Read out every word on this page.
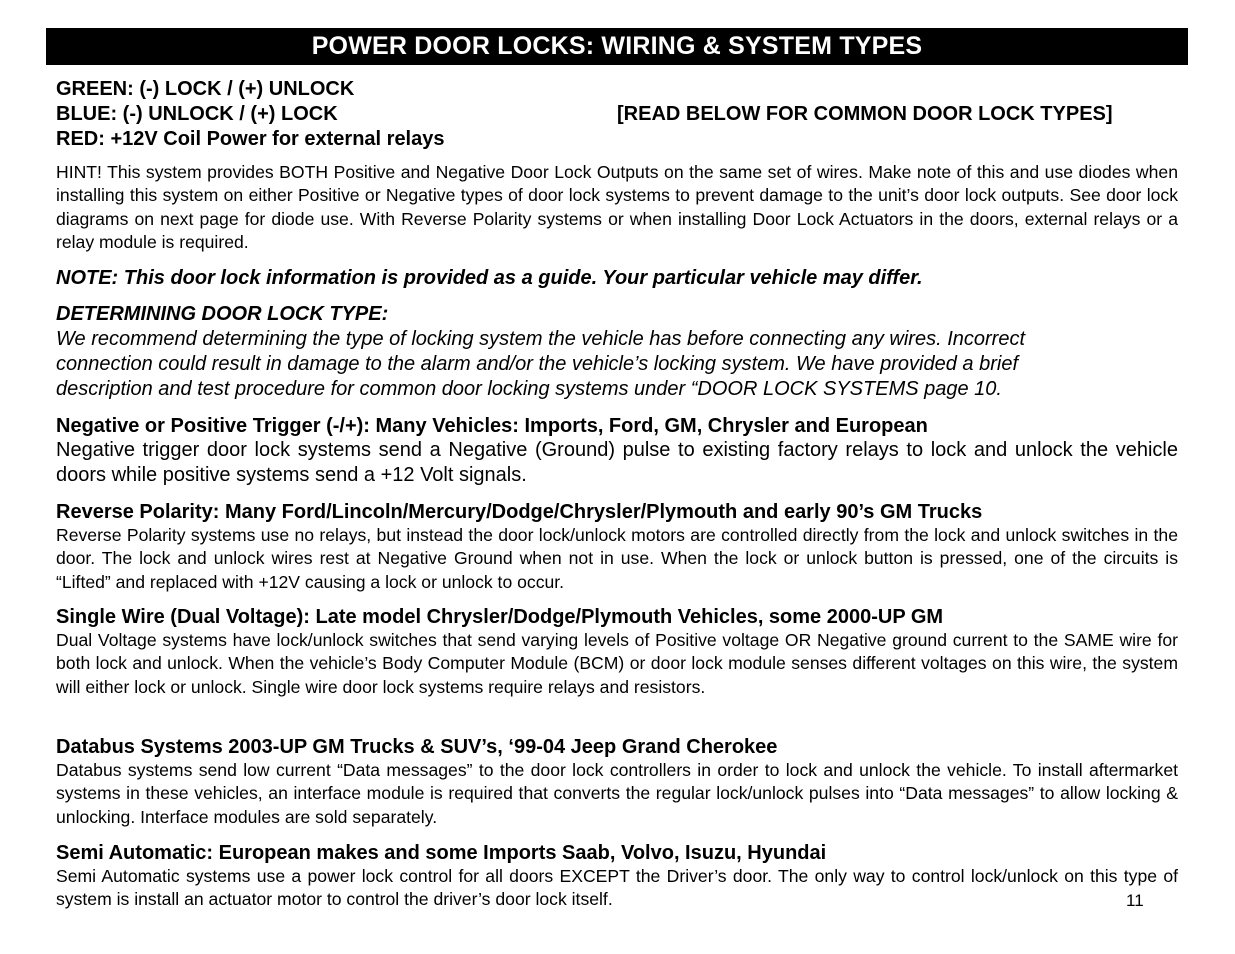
POWER DOOR LOCKS: WIRING & SYSTEM TYPES
GREEN: (-) LOCK / (+) UNLOCK
BLUE: (-) UNLOCK / (+) LOCK
RED: +12V Coil Power for external relays
[READ BELOW FOR COMMON DOOR LOCK TYPES]

HINT! This system provides BOTH Positive and Negative Door Lock Outputs on the same set of wires. Make note of this and use diodes when installing this system on either Positive or Negative types of door lock systems to prevent damage to the unit’s door lock outputs. See door lock diagrams on next page for diode use. With Reverse Polarity systems or when installing Door Lock Actuators in the doors, external relays or a relay module is required.

NOTE: This door lock information is provided as a guide. Your particular vehicle may differ.

DETERMINING DOOR LOCK TYPE:

We recommend determining the type of locking system the vehicle has before connecting any wires. Incorrect

connection could result in damage to the alarm and/or the vehicle’s locking system. We have provided a brief

description and test procedure for common door locking systems under “DOOR LOCK SYSTEMS page 10.

Negative or Positive Trigger (-/+): Many Vehicles: Imports, Ford, GM, Chrysler and European

Negative trigger door lock systems send a Negative (Ground) pulse to existing factory relays to lock and unlock the vehicle doors while positive systems send a +12 Volt signals.

Reverse Polarity: Many Ford/Lincoln/Mercury/Dodge/Chrysler/Plymouth and early 90’s GM Trucks

Reverse Polarity systems use no relays, but instead the door lock/unlock motors are controlled directly from the lock and unlock switches in the door. The lock and unlock wires rest at Negative Ground when not in use. When the lock or unlock button is pressed, one of the circuits is “Lifted” and replaced with +12V causing a lock or unlock to occur.

Single Wire (Dual Voltage): Late model Chrysler/Dodge/Plymouth Vehicles, some 2000-UP GM

Dual Voltage systems have lock/unlock switches that send varying levels of Positive voltage OR Negative ground current to the SAME wire for both lock and unlock. When the vehicle’s Body Computer Module (BCM) or door lock module senses different voltages on this wire, the system will either lock or unlock. Single wire door lock systems require relays and resistors.

Databus Systems 2003-UP GM Trucks & SUV’s, ‘99-04 Jeep Grand Cherokee

Databus systems send low current “Data messages” to the door lock controllers in order to lock and unlock the vehicle. To install aftermarket systems in these vehicles, an interface module is required that converts the regular lock/unlock pulses into “Data messages” to allow locking & unlocking. Interface modules are sold separately.

Semi Automatic: European makes and some Imports Saab, Volvo, Isuzu, Hyundai

Semi Automatic systems use a power lock control for all doors EXCEPT the Driver’s door. The only way to control lock/unlock on this type of system is install an actuator motor to control the driver’s door lock itself.	11
